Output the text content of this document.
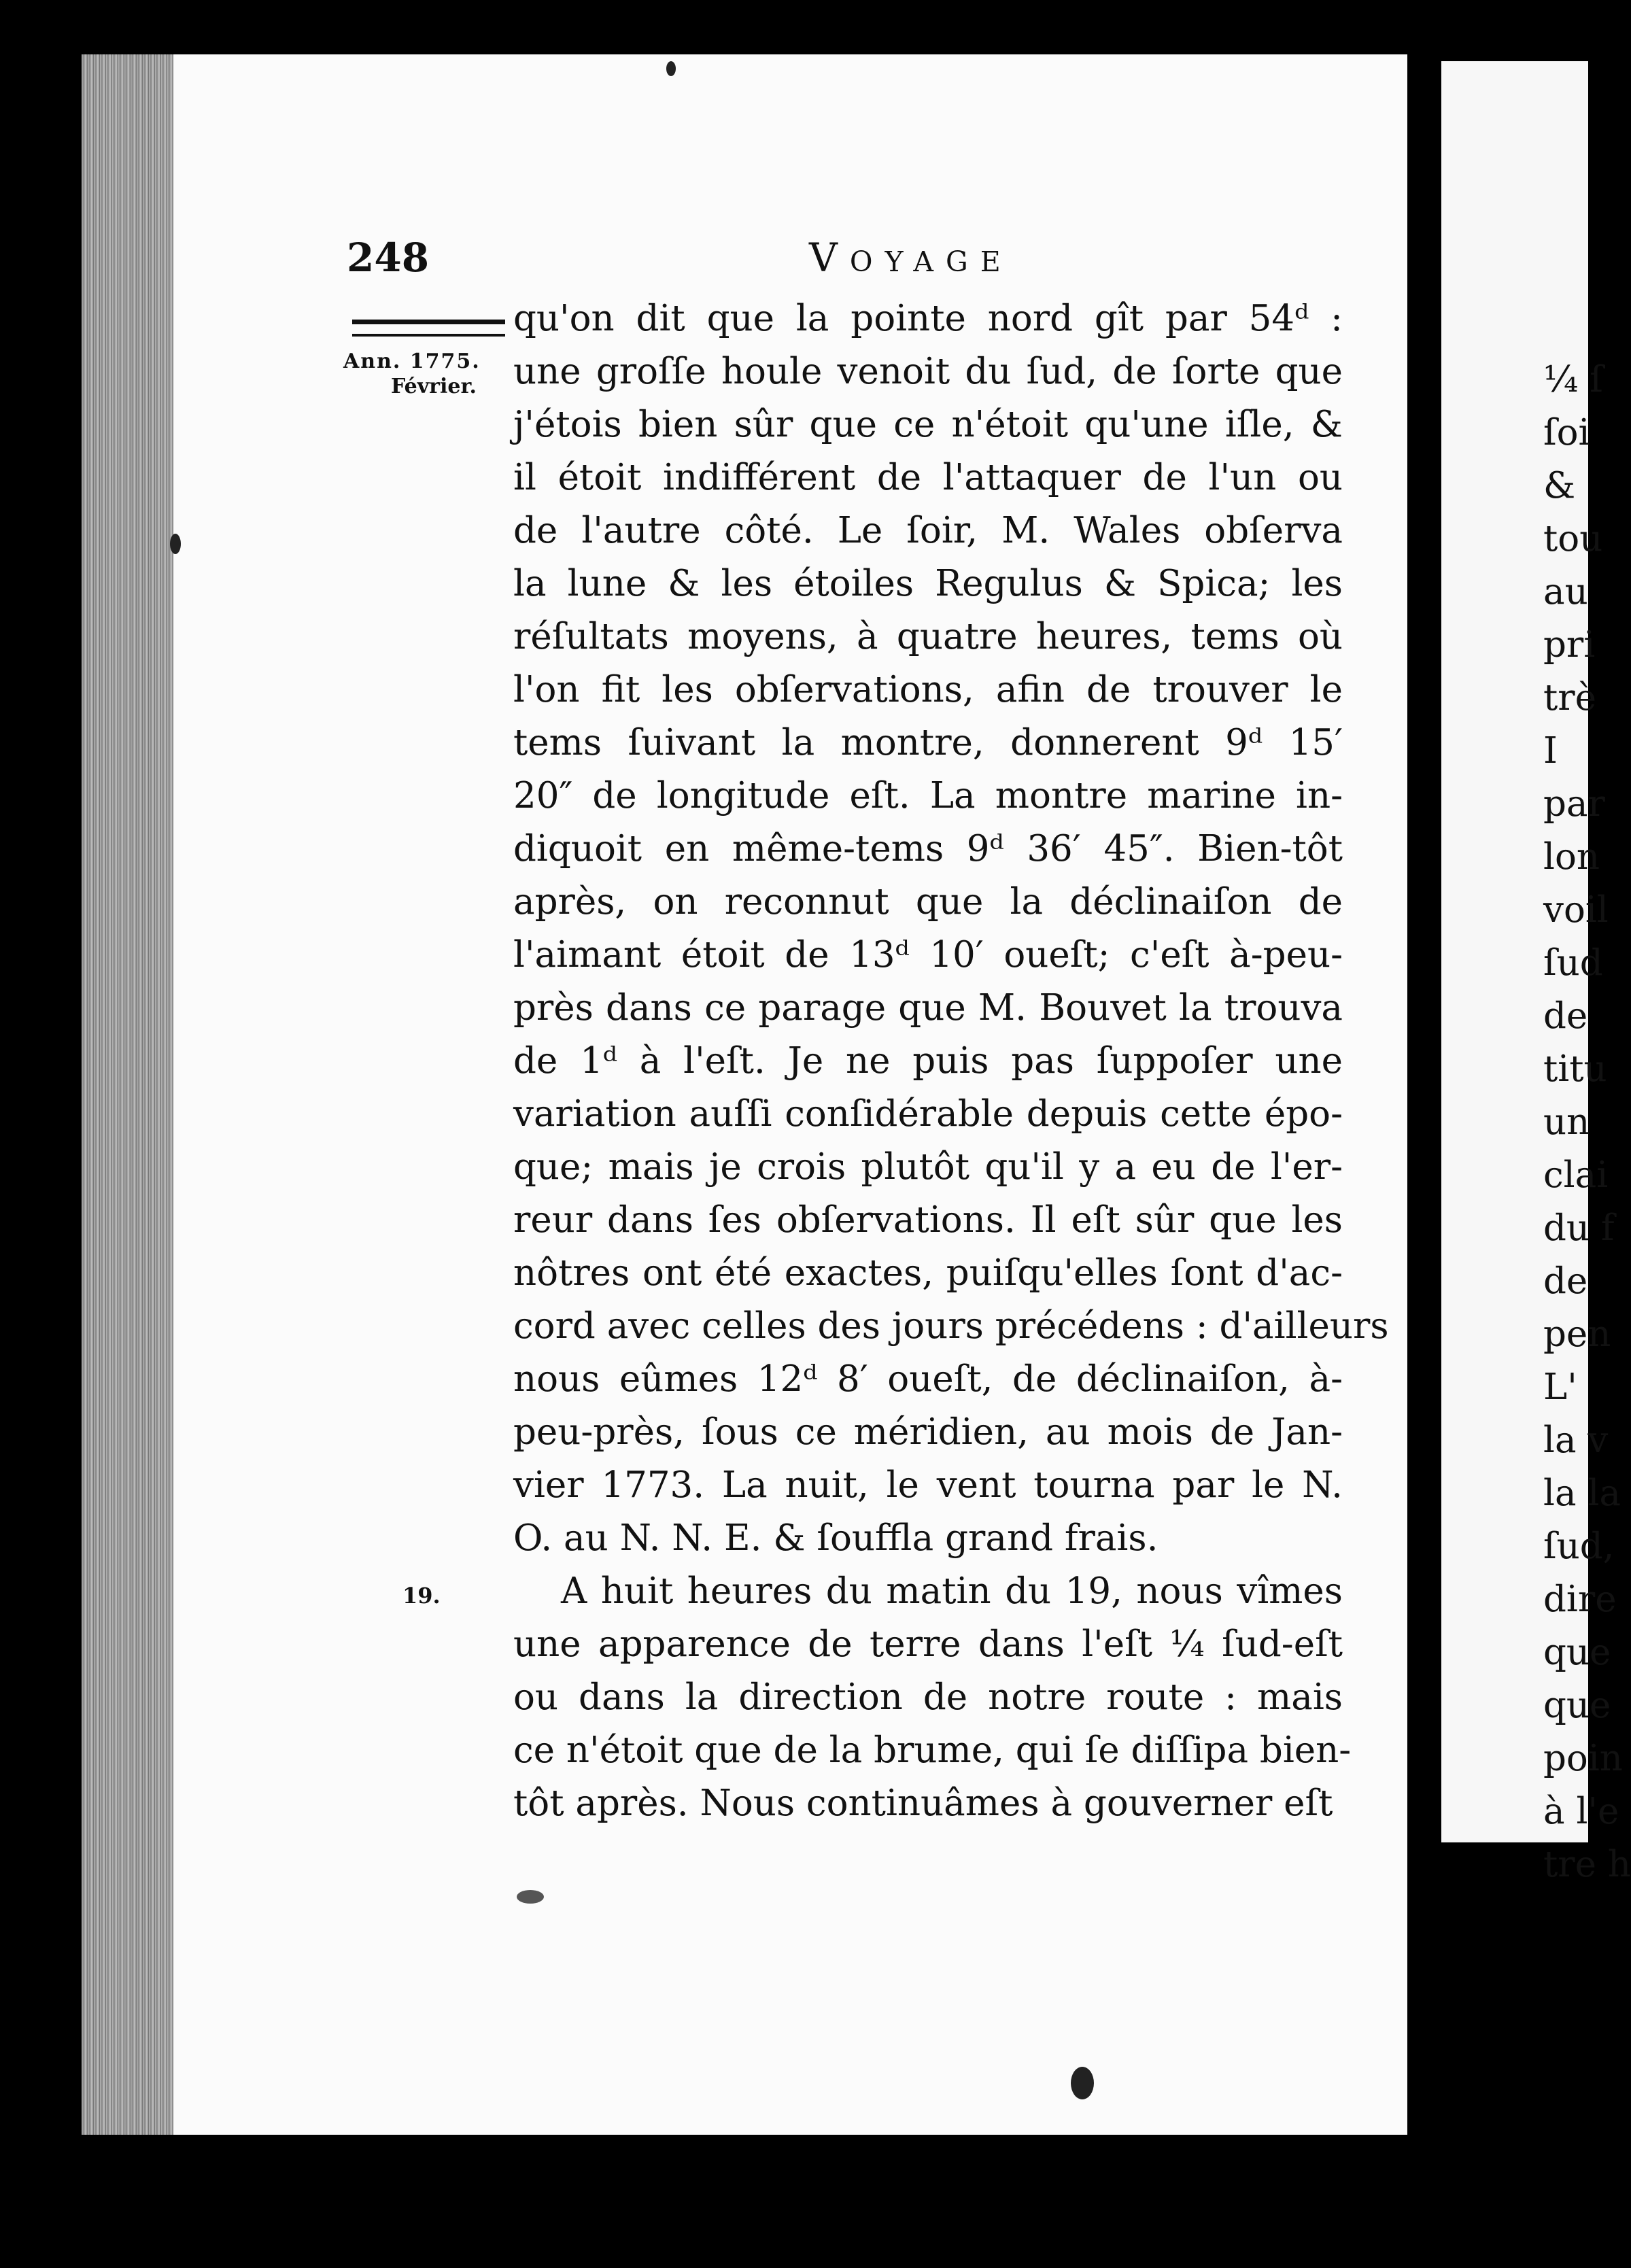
¼ ſ
ſoi
&
tou
au
pri
trè
I
par
lon
voil
ſud
de
titu
un
clai
du f
de
pen
L'
la v
la la
ſud,
dire
que
que
poin
à l'e
tre h
248	Voyage
Ann. 1775.
Février.
19.
qu'on dit que la pointe nord gît par 54ᵈ :
une groſſe houle venoit du ſud, de ſorte que
j'étois bien sûr que ce n'étoit qu'une iſle, &
il étoit indifférent de l'attaquer de l'un ou
de l'autre côté. Le ſoir, M. Wales obſerva
la lune & les étoiles Regulus & Spica; les
réſultats moyens, à quatre heures, tems où
l'on fit les obſervations, afin de trouver le
tems ſuivant la montre, donnerent 9ᵈ 15′
20″ de longitude eſt. La montre marine in-
diquoit en même-tems 9ᵈ 36′ 45″. Bien-tôt
après, on reconnut que la déclinaiſon de
l'aimant étoit de 13ᵈ 10′ oueſt; c'eſt à-peu-
près dans ce parage que M. Bouvet la trouva
de 1ᵈ à l'eſt. Je ne puis pas ſuppoſer une
variation auſſi conſidérable depuis cette épo-
que; mais je crois plutôt qu'il y a eu de l'er-
reur dans ſes obſervations. Il eſt sûr que les
nôtres ont été exactes, puiſqu'elles ſont d'ac-
cord avec celles des jours précédens : d'ailleurs
nous eûmes 12ᵈ 8′ oueſt, de déclinaiſon, à-
peu-près, ſous ce méridien, au mois de Jan-
vier 1773. La nuit, le vent tourna par le N.
O. au N. N. E. & ſouffla grand frais.
A huit heures du matin du 19, nous vîmes
une apparence de terre dans l'eſt ¼ ſud-eſt
ou dans la direction de notre route : mais
ce n'étoit que de la brume, qui ſe diſſipa bien-
tôt après. Nous continuâmes à gouverner eſt
